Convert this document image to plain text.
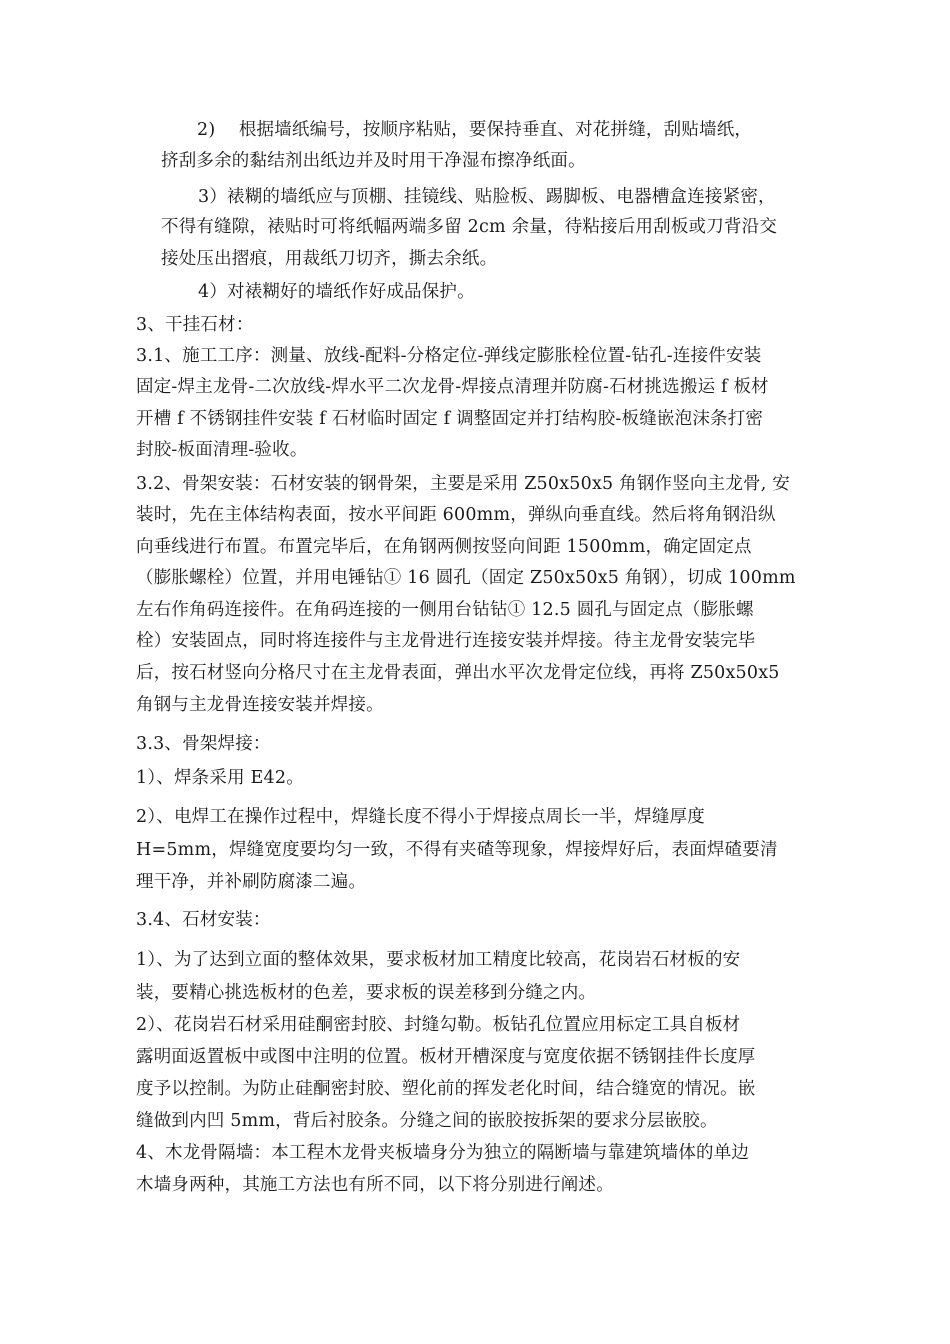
2)　 根据墙纸编号，按顺序粘贴，要保持垂直、对花拼缝，刮贴墙纸，
挤刮多余的黏结剂出纸边并及时用干净湿布擦净纸面。
3）裱糊的墙纸应与顶棚、挂镜线、贴脸板、踢脚板、电器槽盒连接紧密，
不得有缝隙，裱贴时可将纸幅两端多留 2cm 余量，待粘接后用刮板或刀背沿交
接处压出摺痕，用裁纸刀切齐，撕去余纸。
4）对裱糊好的墙纸作好成品保护。
3、干挂石材：
3.1、施工工序：测量、放线-配料-分格定位-弹线定膨胀栓位置-钻孔-连接件安装
固定-焊主龙骨-二次放线-焊水平二次龙骨-焊接点清理并防腐-石材挑选搬运 f 板材
开槽 f 不锈钢挂件安装 f 石材临时固定 f 调整固定并打结构胶-板缝嵌泡沫条打密
封胶-板面清理-验收。
3.2、骨架安装：石材安装的钢骨架，主要是采用 Z50x50x5 角钢作竖向主龙骨, 安
装时，先在主体结构表面，按水平间距 600mm，弹纵向垂直线。然后将角钢沿纵
向垂线进行布置。布置完毕后，在角钢两侧按竖向间距 1500mm，确定固定点
（膨胀螺栓）位置，并用电锤钻① 16 圆孔（固定 Z50x50x5 角钢），切成 100mm
左右作角码连接件。在角码连接的一侧用台钻钻① 12.5 圆孔与固定点（膨胀螺
栓）安装固点，同时将连接件与主龙骨进行连接安装并焊接。待主龙骨安装完毕
后，按石材竖向分格尺寸在主龙骨表面，弹出水平次龙骨定位线，再将 Z50x50x5
角钢与主龙骨连接安装并焊接。
3.3、骨架焊接：
1）、焊条采用 E42。
2）、电焊工在操作过程中，焊缝长度不得小于焊接点周长一半，焊缝厚度
H=5mm，焊缝宽度要均匀一致，不得有夹碴等现象，焊接焊好后，表面焊碴要清
理干净，并补刷防腐漆二遍。
3.4、石材安装：
1）、为了达到立面的整体效果，要求板材加工精度比较高，花岗岩石材板的安
装，要精心挑选板材的色差，要求板的误差移到分缝之内。
2）、花岗岩石材采用硅酮密封胶、封缝勾勒。板钻孔位置应用标定工具自板材
露明面返置板中或图中注明的位置。板材开槽深度与宽度依据不锈钢挂件长度厚
度予以控制。为防止硅酮密封胶、塑化前的挥发老化时间，结合缝宽的情况。嵌
缝做到内凹 5mm，背后衬胶条。分缝之间的嵌胶按拆架的要求分层嵌胶。
4、木龙骨隔墙：本工程木龙骨夹板墙身分为独立的隔断墙与靠建筑墙体的单边
木墙身两种，其施工方法也有所不同，以下将分别进行阐述。
